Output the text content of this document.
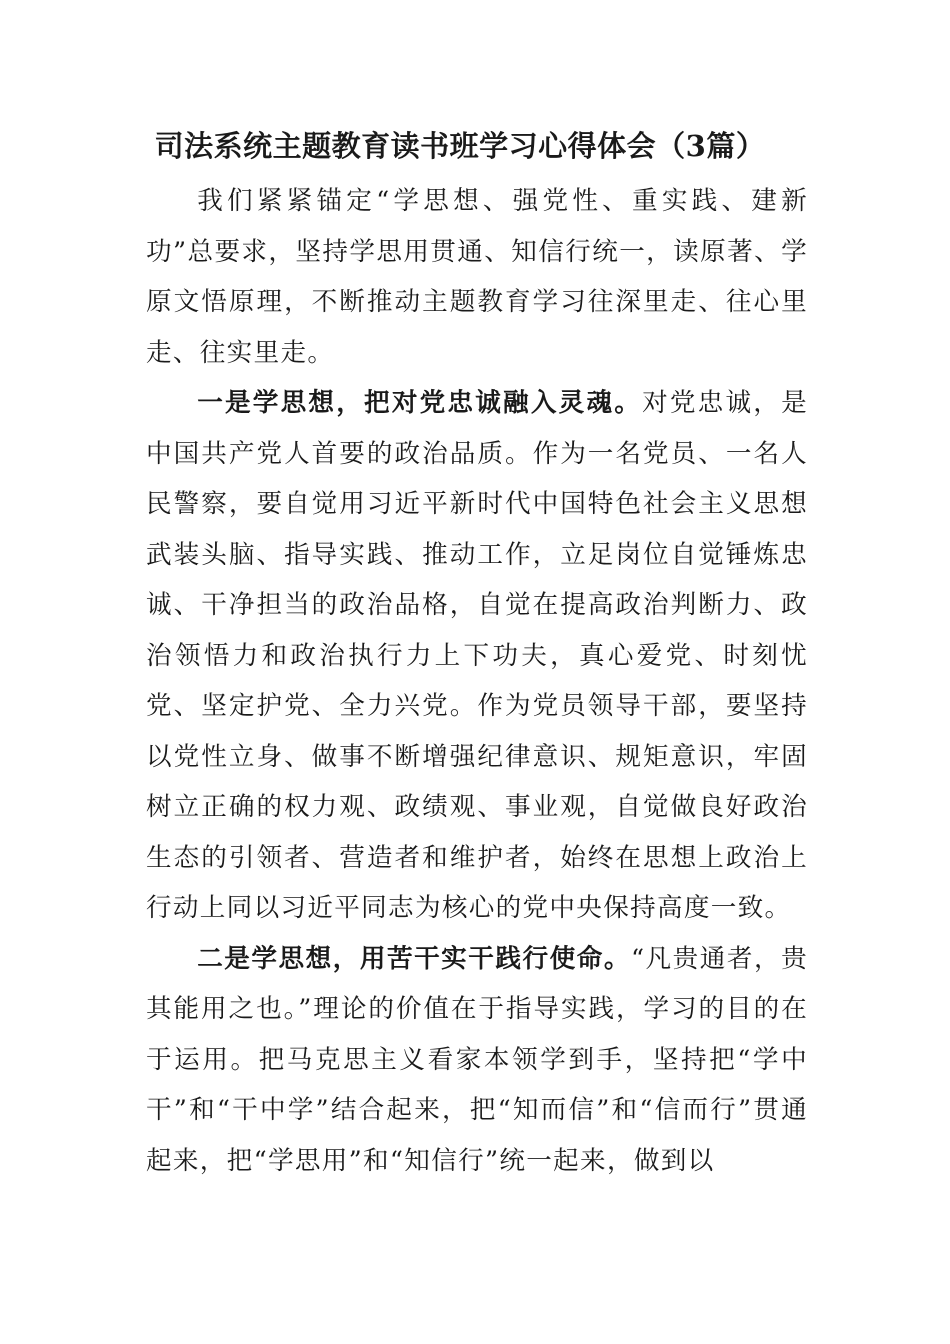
司法系统主题教育读书班学习心得体会（3篇）

我们紧紧锚定“学思想、强党性、重实践、建新功”总要求，坚持学思用贯通、知信行统一，读原著、学原文悟原理，不断推动主题教育学习往深里走、往心里走、往实里走。

一是学思想，把对党忠诚融入灵魂。对党忠诚，是中国共产党人首要的政治品质。作为一名党员、一名人民警察，要自觉用习近平新时代中国特色社会主义思想武装头脑、指导实践、推动工作，立足岗位自觉锤炼忠诚、干净担当的政治品格，自觉在提高政治判断力、政治领悟力和政治执行力上下功夫，真心爱党、时刻忧党、坚定护党、全力兴党。作为党员领导干部，要坚持以党性立身、做事不断增强纪律意识、规矩意识，牢固树立正确的权力观、政绩观、事业观，自觉做良好政治生态的引领者、营造者和维护者，始终在思想上政治上行动上同以习近平同志为核心的党中央保持高度一致。

二是学思想，用苦干实干践行使命。“凡贵通者，贵其能用之也。”理论的价值在于指导实践，学习的目的在于运用。把马克思主义看家本领学到手，坚持把“学中干”和“干中学”结合起来，把“知而信”和“信而行”贯通起来，把“学思用”和“知信行”统一起来，做到以
